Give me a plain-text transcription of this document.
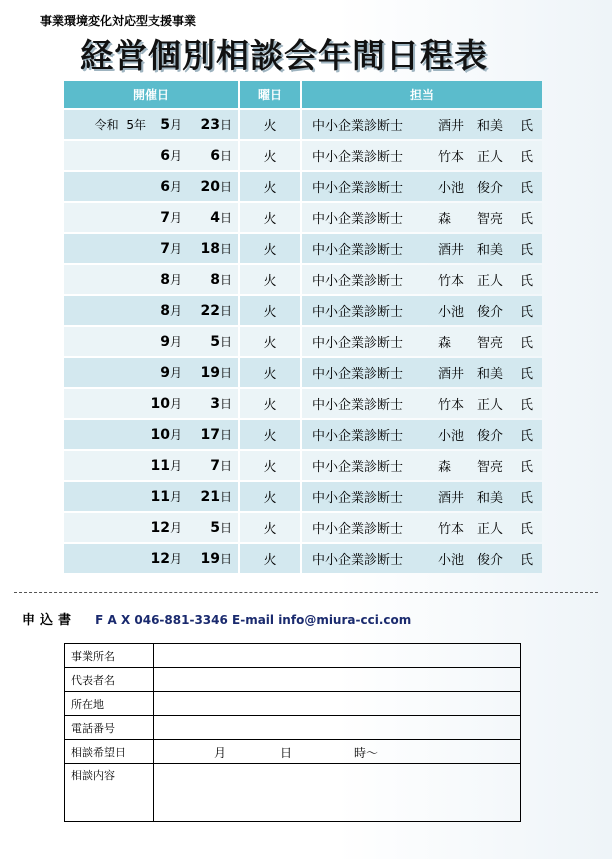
事業環境変化対応型支援事業
経営個別相談会年間日程表
開催日	曜日	担当
令和 5年 5月 23日	火	中小企業診断士 酒井　和美 氏
6月 6日	火	中小企業診断士 竹本　正人 氏
6月 20日	火	中小企業診断士 小池　俊介 氏
7月 4日	火	中小企業診断士 森　　智亮 氏
7月 18日	火	中小企業診断士 酒井　和美 氏
8月 8日	火	中小企業診断士 竹本　正人 氏
8月 22日	火	中小企業診断士 小池　俊介 氏
9月 5日	火	中小企業診断士 森　　智亮 氏
9月 19日	火	中小企業診断士 酒井　和美 氏
10月 3日	火	中小企業診断士 竹本　正人 氏
10月 17日	火	中小企業診断士 小池　俊介 氏
11月 7日	火	中小企業診断士 森　　智亮 氏
11月 21日	火	中小企業診断士 酒井　和美 氏
12月 5日	火	中小企業診断士 竹本　正人 氏
12月 19日	火	中小企業診断士 小池　俊介 氏
申込書 F A X 046-881-3346 E-mail info@miura-cci.com
事業所名	
代表者名	
所在地	
電話番号	
相談希望日	月 日 時～

相談内容	
